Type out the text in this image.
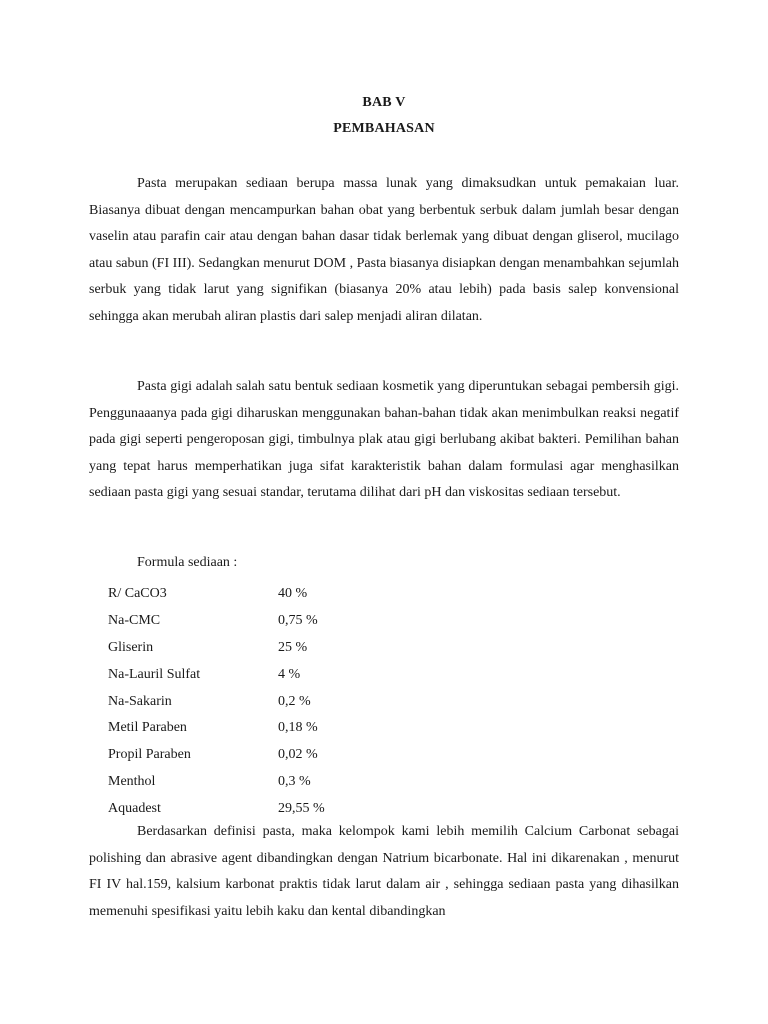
BAB V
PEMBAHASAN

Pasta merupakan sediaan berupa massa lunak yang dimaksudkan untuk pemakaian luar. Biasanya dibuat dengan mencampurkan bahan obat yang berbentuk serbuk dalam jumlah besar dengan vaselin atau parafin cair atau dengan bahan dasar tidak berlemak yang dibuat dengan gliserol, mucilago atau sabun (FI III). Sedangkan menurut DOM , Pasta biasanya disiapkan dengan menambahkan sejumlah serbuk yang tidak larut yang signifikan (biasanya 20% atau lebih) pada basis salep konvensional sehingga akan merubah aliran plastis dari salep menjadi aliran dilatan.

Pasta gigi adalah salah satu bentuk sediaan kosmetik yang diperuntukan sebagai pembersih gigi. Penggunaaanya pada gigi diharuskan menggunakan bahan-bahan tidak akan menimbulkan reaksi negatif pada gigi seperti pengeroposan gigi, timbulnya plak atau gigi berlubang akibat bakteri. Pemilihan bahan yang tepat harus memperhatikan juga sifat karakteristik bahan dalam formulasi agar menghasilkan sediaan pasta gigi yang sesuai standar, terutama dilihat dari pH dan viskositas sediaan tersebut.

Formula sediaan :
R/ CaCO3	40 %
Na-CMC	0,75 %
Gliserin	25 %
Na-Lauril Sulfat	4 %
Na-Sakarin	0,2 %
Metil Paraben	0,18 %
Propil Paraben	0,02 %
Menthol	0,3 %
Aquadest	29,55 %

Berdasarkan definisi pasta, maka kelompok kami lebih memilih Calcium Carbonat sebagai polishing dan abrasive agent dibandingkan dengan Natrium bicarbonate. Hal ini dikarenakan , menurut FI IV hal.159, kalsium karbonat praktis tidak larut dalam air , sehingga sediaan pasta yang dihasilkan memenuhi spesifikasi yaitu lebih kaku dan kental dibandingkan
